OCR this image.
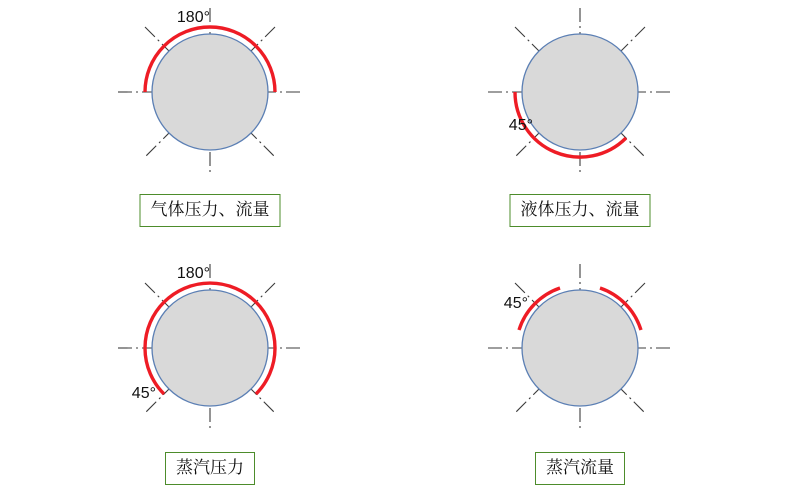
180°
气体压力、流量
45°
液体压力、流量
180°
45°
蒸汽压力
45°
蒸汽流量
